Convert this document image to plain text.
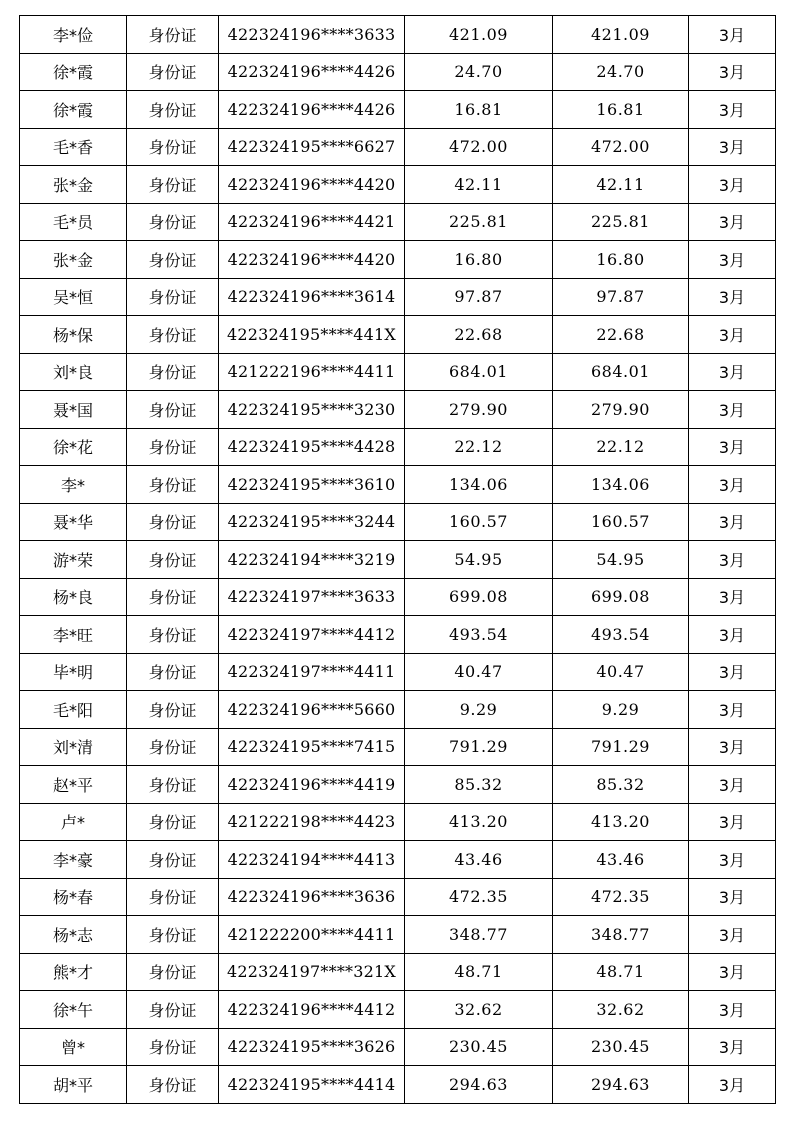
李*俭	身份证	422324196****3633	421.09	421.09	3月
徐*霞	身份证	422324196****4426	24.70	24.70	3月
徐*霞	身份证	422324196****4426	16.81	16.81	3月
毛*香	身份证	422324195****6627	472.00	472.00	3月
张*金	身份证	422324196****4420	42.11	42.11	3月
毛*员	身份证	422324196****4421	225.81	225.81	3月
张*金	身份证	422324196****4420	16.80	16.80	3月
吴*恒	身份证	422324196****3614	97.87	97.87	3月
杨*保	身份证	422324195****441X	22.68	22.68	3月
刘*良	身份证	421222196****4411	684.01	684.01	3月
聂*国	身份证	422324195****3230	279.90	279.90	3月
徐*花	身份证	422324195****4428	22.12	22.12	3月
李*	身份证	422324195****3610	134.06	134.06	3月
聂*华	身份证	422324195****3244	160.57	160.57	3月
游*荣	身份证	422324194****3219	54.95	54.95	3月
杨*良	身份证	422324197****3633	699.08	699.08	3月
李*旺	身份证	422324197****4412	493.54	493.54	3月
毕*明	身份证	422324197****4411	40.47	40.47	3月
毛*阳	身份证	422324196****5660	9.29	9.29	3月
刘*清	身份证	422324195****7415	791.29	791.29	3月
赵*平	身份证	422324196****4419	85.32	85.32	3月
卢*	身份证	421222198****4423	413.20	413.20	3月
李*豪	身份证	422324194****4413	43.46	43.46	3月
杨*春	身份证	422324196****3636	472.35	472.35	3月
杨*志	身份证	421222200****4411	348.77	348.77	3月
熊*才	身份证	422324197****321X	48.71	48.71	3月
徐*午	身份证	422324196****4412	32.62	32.62	3月
曾*	身份证	422324195****3626	230.45	230.45	3月
胡*平	身份证	422324195****4414	294.63	294.63	3月
